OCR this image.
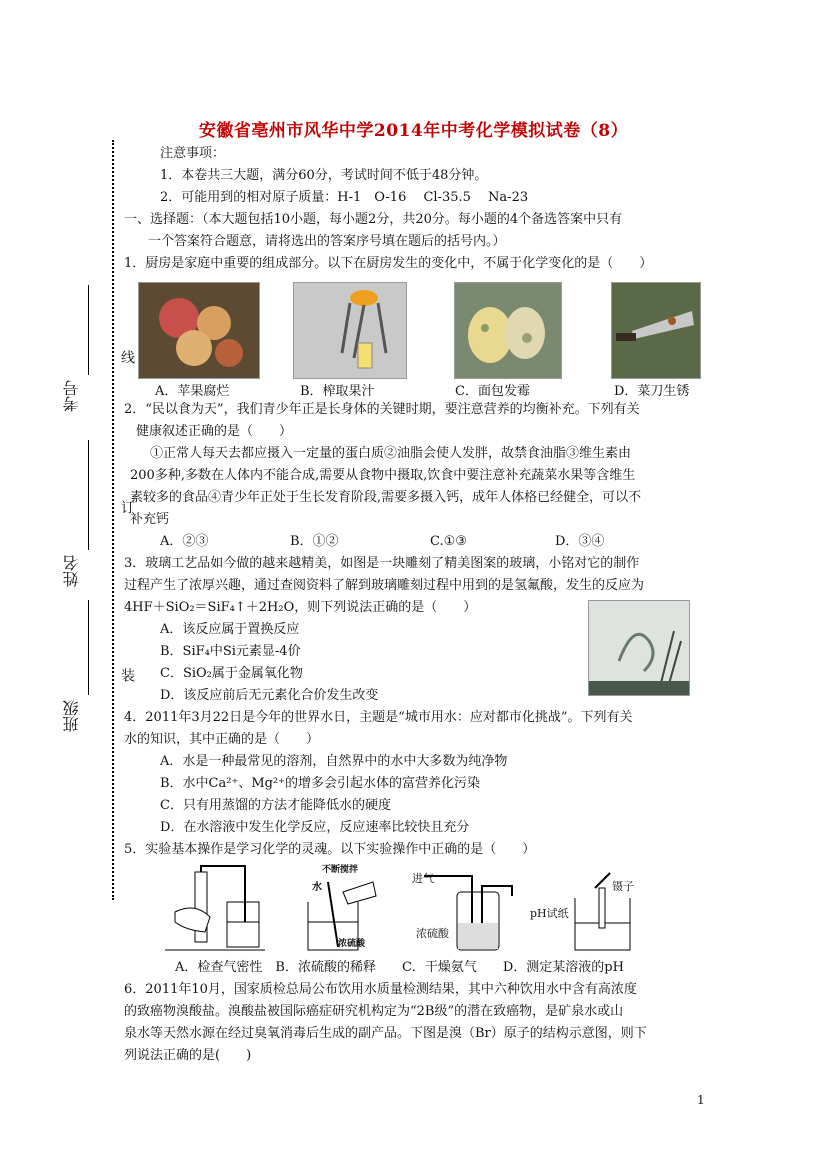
安徽省亳州市风华中学2014年中考化学模拟试卷（8）
考号
姓名
班级
线
订
装
注意事项：
1．本卷共三大题，满分60分，考试时间不低于48分钟。
2．可能用到的相对原子质量：H-1　O-16　 Cl-35.5　 Na-23
一、选择题：（本大题包括10小题，每小题2分，共20分。每小题的4个备选答案中只有
一个答案符合题意，请将选出的答案序号填在题后的括号内。）
1．厨房是家庭中重要的组成部分。以下在厨房发生的变化中，不属于化学变化的是（　　）
A．苹果腐烂	B．榨取果汁	C．面包发霉	D．菜刀生锈
2．“民以食为天”，我们青少年正是长身体的关键时期，要注意营养的均衡补充。下列有关
健康叙述正确的是（　　）
①正常人每天去都应摄入一定量的蛋白质②油脂会使人发胖，故禁食油脂③维生素由
200多种,多数在人体内不能合成,需要从食物中摄取,饮食中要注意补充蔬菜水果等含维生
素较多的食品④青少年正处于生长发育阶段,需要多摄入钙，成年人体格已经健全，可以不
补充钙
A．②③	B．①②	C.①③	D．③④
3．玻璃工艺品如今做的越来越精美，如图是一块雕刻了精美图案的玻璃，小铭对它的制作
过程产生了浓厚兴趣，通过查阅资料了解到玻璃雕刻过程中用到的是氢氟酸，发生的反应为
4HF＋SiO₂＝SiF₄↑＋2H₂O，则下列说法正确的是（　　）
A．该反应属于置换反应
B．SiF₄中Si元素显-4价
C．SiO₂属于金属氧化物
D．该反应前后无元素化合价发生改变
4．2011年3月22日是今年的世界水日，主题是“城市用水：应对都市化挑战”。下列有关
水的知识，其中正确的是（　　）
A．水是一种最常见的溶剂，自然界中的水中大多数为纯净物
B．水中Ca²⁺、Mg²⁺的增多会引起水体的富营养化污染
C．只有用蒸馏的方法才能降低水的硬度
D．在水溶液中发生化学反应，反应速率比较快且充分
5．实验基本操作是学习化学的灵魂。以下实验操作中正确的是（　　）
不断搅拌
水
浓硫酸
进气
浓硫酸
镊子
pH试纸
A．检查气密性　B．浓硫酸的稀释　　C．干燥氨气　　D．测定某溶液的pH
6．2011年10月，国家质检总局公布饮用水质量检测结果，其中六种饮用水中含有高浓度
的致癌物溴酸盐。溴酸盐被国际癌症研究机构定为“2B级”的潜在致癌物，是矿泉水或山
泉水等天然水源在经过臭氧消毒后生成的副产品。下图是溴（Br）原子的结构示意图，则下
列说法正确的是(　　)
1
